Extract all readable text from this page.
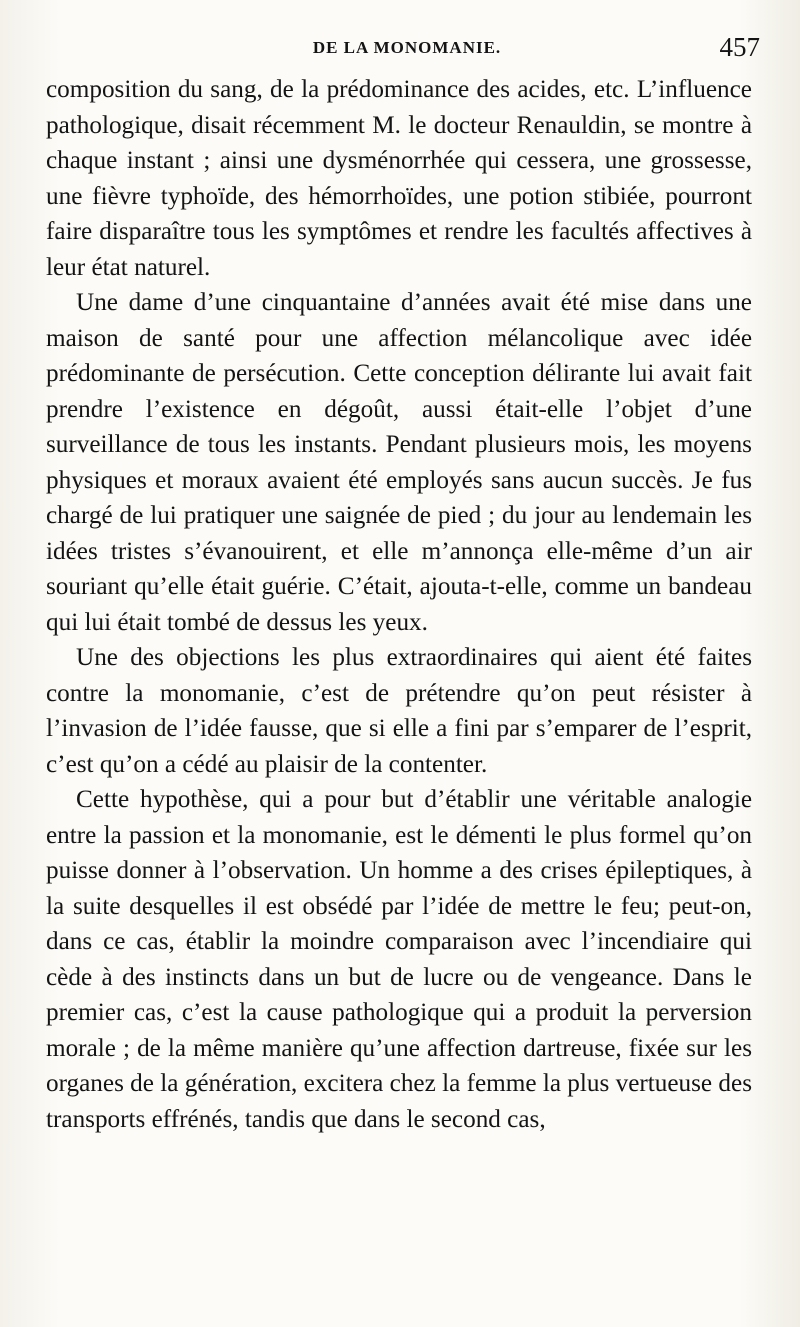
DE LA MONOMANIE.	457

composition du sang, de la prédominance des acides, etc. L’influence pathologique, disait récemment M. le docteur Renauldin, se montre à chaque instant ; ainsi une dysménorrhée qui cessera, une grossesse, une fièvre typhoïde, des hémorrhoïdes, une potion stibiée, pourront faire disparaître tous les symptômes et rendre les facultés affectives à leur état naturel.

Une dame d’une cinquantaine d’années avait été mise dans une maison de santé pour une affection mélancolique avec idée prédominante de persécution. Cette conception délirante lui avait fait prendre l’existence en dégoût, aussi était-elle l’objet d’une surveillance de tous les instants. Pendant plusieurs mois, les moyens physiques et moraux avaient été employés sans aucun succès. Je fus chargé de lui pratiquer une saignée de pied ; du jour au lendemain les idées tristes s’évanouirent, et elle m’annonça elle-même d’un air souriant qu’elle était guérie. C’était, ajouta-t-elle, comme un bandeau qui lui était tombé de dessus les yeux.

Une des objections les plus extraordinaires qui aient été faites contre la monomanie, c’est de prétendre qu’on peut résister à l’invasion de l’idée fausse, que si elle a fini par s’emparer de l’esprit, c’est qu’on a cédé au plaisir de la contenter.

Cette hypothèse, qui a pour but d’établir une véritable analogie entre la passion et la monomanie, est le démenti le plus formel qu’on puisse donner à l’observation. Un homme a des crises épileptiques, à la suite desquelles il est obsédé par l’idée de mettre le feu; peut-on, dans ce cas, établir la moindre comparaison avec l’incendiaire qui cède à des instincts dans un but de lucre ou de vengeance. Dans le premier cas, c’est la cause pathologique qui a produit la perversion morale ; de la même manière qu’une affection dartreuse, fixée sur les organes de la génération, excitera chez la femme la plus vertueuse des transports effrénés, tandis que dans le second cas,
